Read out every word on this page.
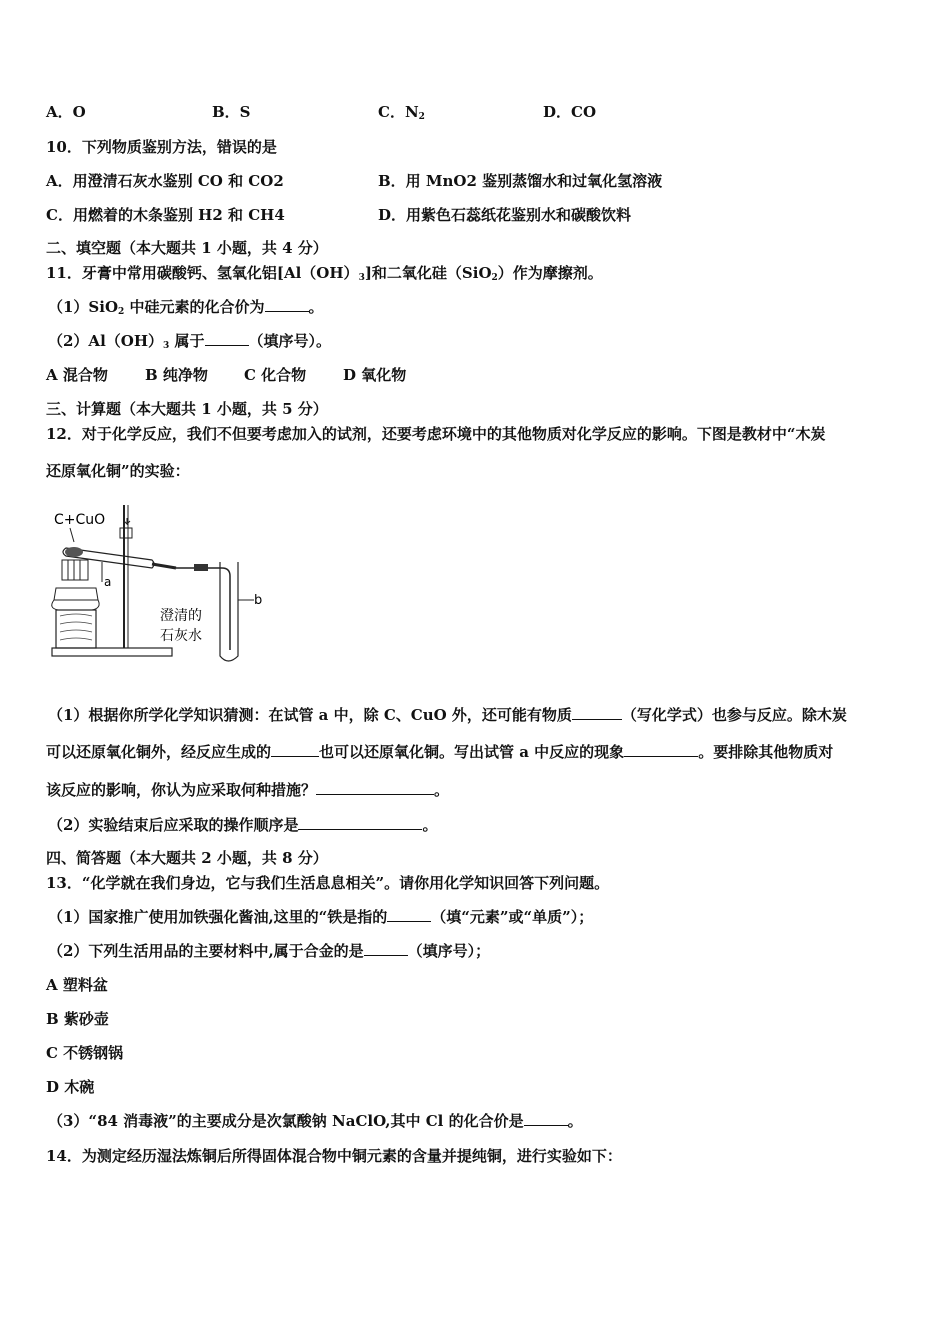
A．O	B．S	C．$N_2$	D．CO
10．下列物质鉴别方法，错误的是
A．用澄清石灰水鉴别 CO 和 CO2	B．用 MnO2 鉴别蒸馏水和过氧化氢溶液
C．用燃着的木条鉴别 H2 和 CH4	D．用紫色石蕊纸花鉴别水和碳酸饮料
二、填空题（本大题共 1 小题，共 4 分）
11．牙膏中常用碳酸钙、氢氧化铝$[Al(OH)_3]$和二氧化硅（SiO$_2$）作为摩擦剂。
（1）SiO$_2$ 中硅元素的化合价为	。
$(2)Al(OH)_3$ 属于	（填序号）。
A 混合物 B 纯净物 C 化合物 D 氧化物
三、计算题（本大题共 1 小题，共 5 分）
12．对于化学反应，我们不但要考虑加入的试剂，还要考虑环境中的其他物质对化学反应的影响。下图是教材中“木炭
还原氧化铜”的实验：
C+CuO
b
澄清的
石灰水
a
（1）根据你所学化学知识猜测：在试管 a 中，除 C、CuO 外，还可能有物质	（写化学式）也参与反应。除木炭
可以还原氧化铜外，经反应生成的	也可以还原氧化铜。写出试管 a 中反应的现象	。要排除其他物质对
该反应的影响，你认为应采取何种措施？	。
（2）实验结束后应采取的操作顺序是	。
四、简答题（本大题共 2 小题，共 8 分）
13．“化学就在我们身边，它与我们生活息息相关”。请你用化学知识回答下列问题。
（1）国家推广使用加铁强化酱油,这里的“铁是指的	（填“元素”或“单质”）；
（2）下列生活用品的主要材料中,属于合金的是	（填序号）；
A 塑料盆
B 紫砂壶
C 不锈钢锅
D 木碗
（3）“84 消毒液”的主要成分是次氯酸钠 NaClO,其中 Cl 的化合价是	。
14．为测定经历湿法炼铜后所得固体混合物中铜元素的含量并提纯铜，进行实验如下：
